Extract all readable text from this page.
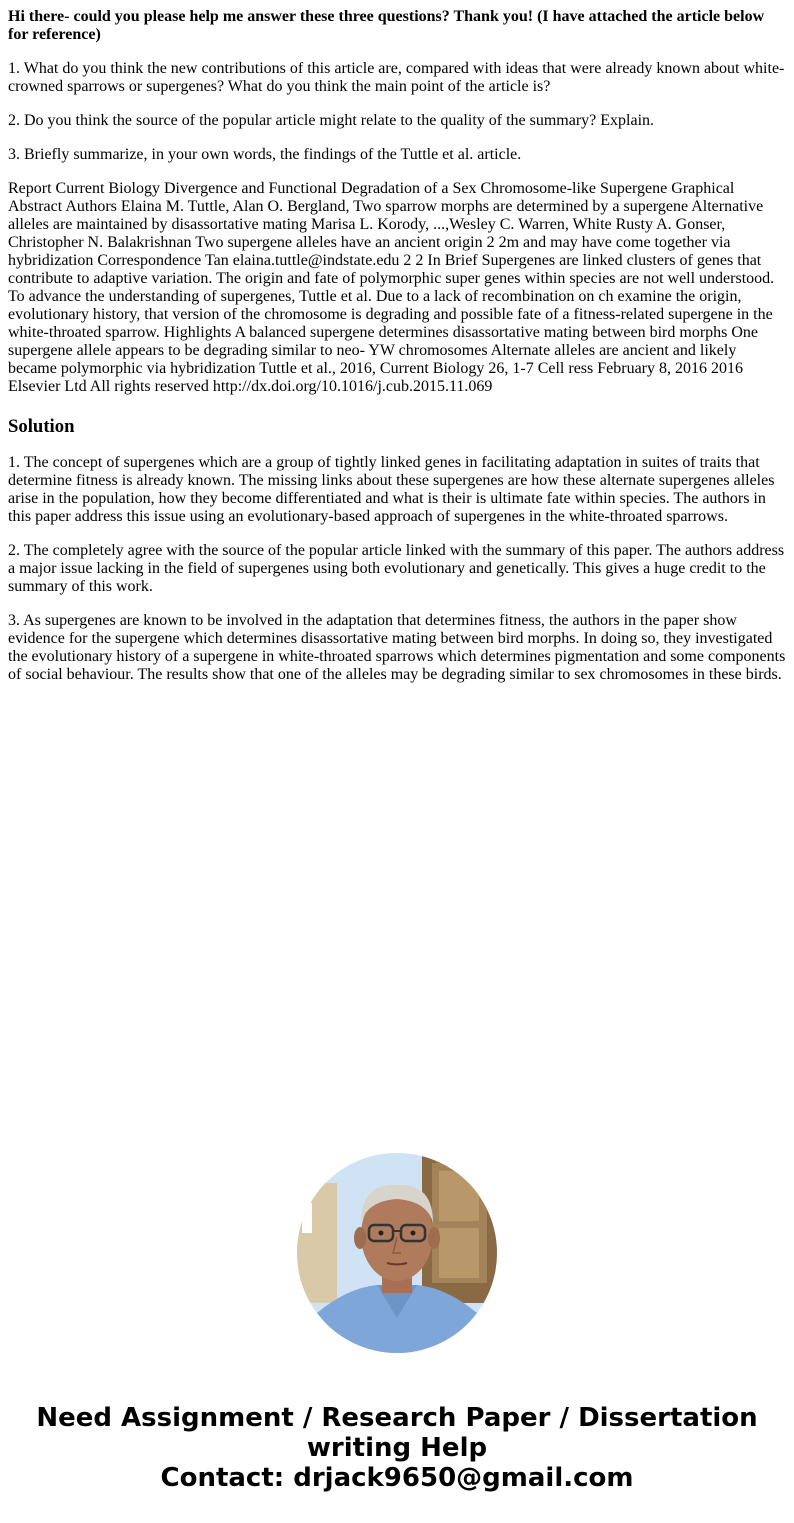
Hi there- could you please help me answer these three questions? Thank you! (I have attached the article below for reference)

1. What do you think the new contributions of this article are, compared with ideas that were already known about white-crowned sparrows or supergenes? What do you think the main point of the article is?

2. Do you think the source of the popular article might relate to the quality of the summary? Explain.

3. Briefly summarize, in your own words, the findings of the Tuttle et al. article.

Report Current Biology Divergence and Functional Degradation of a Sex Chromosome-like Supergene Graphical Abstract Authors Elaina M. Tuttle, Alan O. Bergland, Two sparrow morphs are determined by a supergene Alternative alleles are maintained by disassortative mating Marisa L. Korody, ...,Wesley C. Warren, White Rusty A. Gonser, Christopher N. Balakrishnan Two supergene alleles have an ancient origin 2 2m and may have come together via hybridization Correspondence Tan elaina.tuttle@indstate.edu 2 2 In Brief Supergenes are linked clusters of genes that contribute to adaptive variation. The origin and fate of polymorphic super genes within species are not well understood. To advance the understanding of supergenes, Tuttle et al. Due to a lack of recombination on ch examine the origin, evolutionary history, that version of the chromosome is degrading and possible fate of a fitness-related supergene in the white-throated sparrow. Highlights A balanced supergene determines disassortative mating between bird morphs One supergene allele appears to be degrading similar to neo- YW chromosomes Alternate alleles are ancient and likely became polymorphic via hybridization Tuttle et al., 2016, Current Biology 26, 1-7 Cell ress February 8, 2016 2016 Elsevier Ltd All rights reserved http://dx.doi.org/10.1016/j.cub.2015.11.069

Solution

1. The concept of supergenes which are a group of tightly linked genes in facilitating adaptation in suites of traits that determine fitness is already known. The missing links about these supergenes are how these alternate supergenes alleles arise in the population, how they become differentiated and what is their is ultimate fate within species. The authors in this paper address this issue using an evolutionary-based approach of supergenes in the white-throated sparrows.

2. The completely agree with the source of the popular article linked with the summary of this paper. The authors address a major issue lacking in the field of supergenes using both evolutionary and genetically. This gives a huge credit to the summary of this work.

3. As supergenes are known to be involved in the adaptation that determines fitness, the authors in the paper show evidence for the supergene which determines disassortative mating between bird morphs. In doing so, they investigated the evolutionary history of a supergene in white-throated sparrows which determines pigmentation and some components of social behaviour. The results show that one of the alleles may be degrading similar to sex chromosomes in these birds.

Need Assignment / Research Paper / Dissertation
writing Help
Contact: drjack9650@gmail.com
